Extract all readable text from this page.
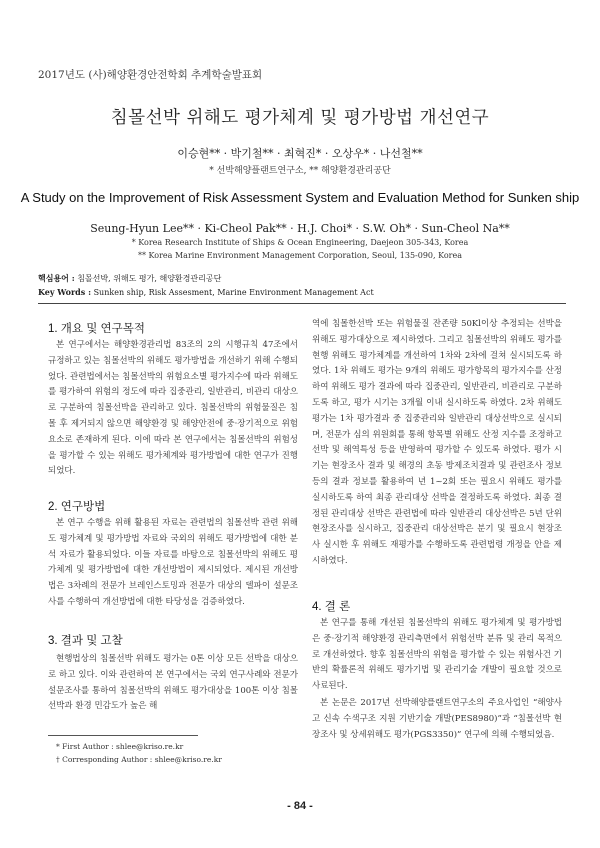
2017년도 (사)해양환경안전학회 추계학술발표회
침몰선박 위해도 평가체계 및 평가방법 개선연구
이승현** · 박기철** · 최혁진* · 오상우* · 나선철**
* 선박해양플랜트연구소, ** 해양환경관리공단
A Study on the Improvement of Risk Assessment System and Evaluation Method for Sunken ship
Seung-Hyun Lee** · Ki-Cheol Pak** · H.J. Choi* · S.W. Oh* · Sun-Cheol Na**
* Korea Research Institute of Ships & Ocean Engineering, Daejeon 305-343, Korea
** Korea Marine Environment Management Corporation, Seoul, 135-090, Korea
핵심용어 : 침몰선박, 위해도 평가, 해양환경관리공단
Key Words : Sunken ship, Risk Assesment, Marine Environment Management Act
1. 개요 및 연구목적
본 연구에서는 해양환경관리법 83조의 2의 시행규칙 47조에서 규정하고 있는 침몰선박의 위해도 평가방법을 개선하기 위해 수행되었다. 관련법에서는 침몰선박의 위험요소별 평가지수에 따라 위해도를 평가하여 위험의 정도에 따라 집중관리, 일반관리, 비관리 대상으로 구분하여 침몰선박을 관리하고 있다. 침몰선박의 위험물질은 침몰 후 제거되지 않으면 해양환경 및 해양안전에 중·장기적으로 위험요소로 존재하게 된다. 이에 따라 본 연구에서는 침몰선박의 위험성을 평가할 수 있는 위해도 평가체계와 평가방법에 대한 연구가 진행되었다.
2. 연구방법
본 연구 수행을 위해 활용된 자료는 관련법의 침몰선박 관련 위해도 평가체계 및 평가방법 자료와 국외의 위해도 평가방법에 대한 분석 자료가 활용되었다. 이들 자료를 바탕으로 침몰선박의 위해도 평가체계 및 평가방법에 대한 개선방법이 제시되었다. 제시된 개선방법은 3차례의 전문가 브레인스토밍과 전문가 대상의 델파이 설문조사를 수행하여 개선방법에 대한 타당성을 검증하였다.
3. 결과 및 고찰
현행법상의 침몰선박 위해도 평가는 0톤 이상 모든 선박을 대상으로 하고 있다. 이와 관련하여 본 연구에서는 국외 연구사례와 전문가 설문조사를 통하여 침몰선박의 위해도 평가대상을 100톤 이상 침몰선박과 환경 민감도가 높은 해
* First Author : shlee@kriso.re.kr
† Corresponding Author : shlee@kriso.re.kr
역에 침몰한선박 또는 위험물질 잔존량 50Kl이상 추정되는 선박을 위해도 평가대상으로 제시하였다. 그리고 침몰선박의 위해도 평가를 현행 위해도 평가체계를 개선하여 1차와 2차에 걸쳐 실시되도록 하였다. 1차 위해도 평가는 9개의 위해도 평가항목의 평가지수를 산정하여 위해도 평가 결과에 따라 집중관리, 일반관리, 비관리로 구분하도록 하고, 평가 시기는 3개월 이내 실시하도록 하였다. 2차 위해도 평가는 1차 평가결과 중 집중관리와 일반관리 대상선박으로 실시되며, 전문가 심의 위원회를 통해 항목별 위해도 산정 지수를 조정하고 선박 및 해역특성 등을 반영하여 평가할 수 있도록 하였다. 평가 시기는 현장조사 결과 및 해경의 초동 방제조치결과 및 관련조사 정보 등의 결과 정보를 활용하여 년 1~2회 또는 필요시 위해도 평가를 실시하도록 하여 최종 관리대상 선박을 결정하도록 하였다. 최종 결정된 관리대상 선박은 관련법에 따라 일반관리 대상선박은 5년 단위 현장조사를 실시하고, 집중관리 대상선박은 분기 및 필요시 현장조사 실시한 후 위해도 재평가를 수행하도록 관련법령 개정을 안을 제시하였다.
4. 결 론
본 연구를 통해 개선된 침몰선박의 위해도 평가체계 및 평가방법은 중·장기적 해양환경 관리측면에서 위험선박 분류 및 관리 목적으로 개선하였다. 향후 침몰선박의 위험을 평가할 수 있는 위험사건 기반의 확률론적 위해도 평가기법 및 관리기술 개발이 필요할 것으로 사료된다.
본 논문은 2017년 선박해양플랜트연구소의 주요사업인 “해양사고 신속 수색구조 지원 기반기술 개발(PES8980)”과 “침몰선박 현장조사 및 상세위해도 평가(PGS3350)” 연구에 의해 수행되었음.
- 84 -
